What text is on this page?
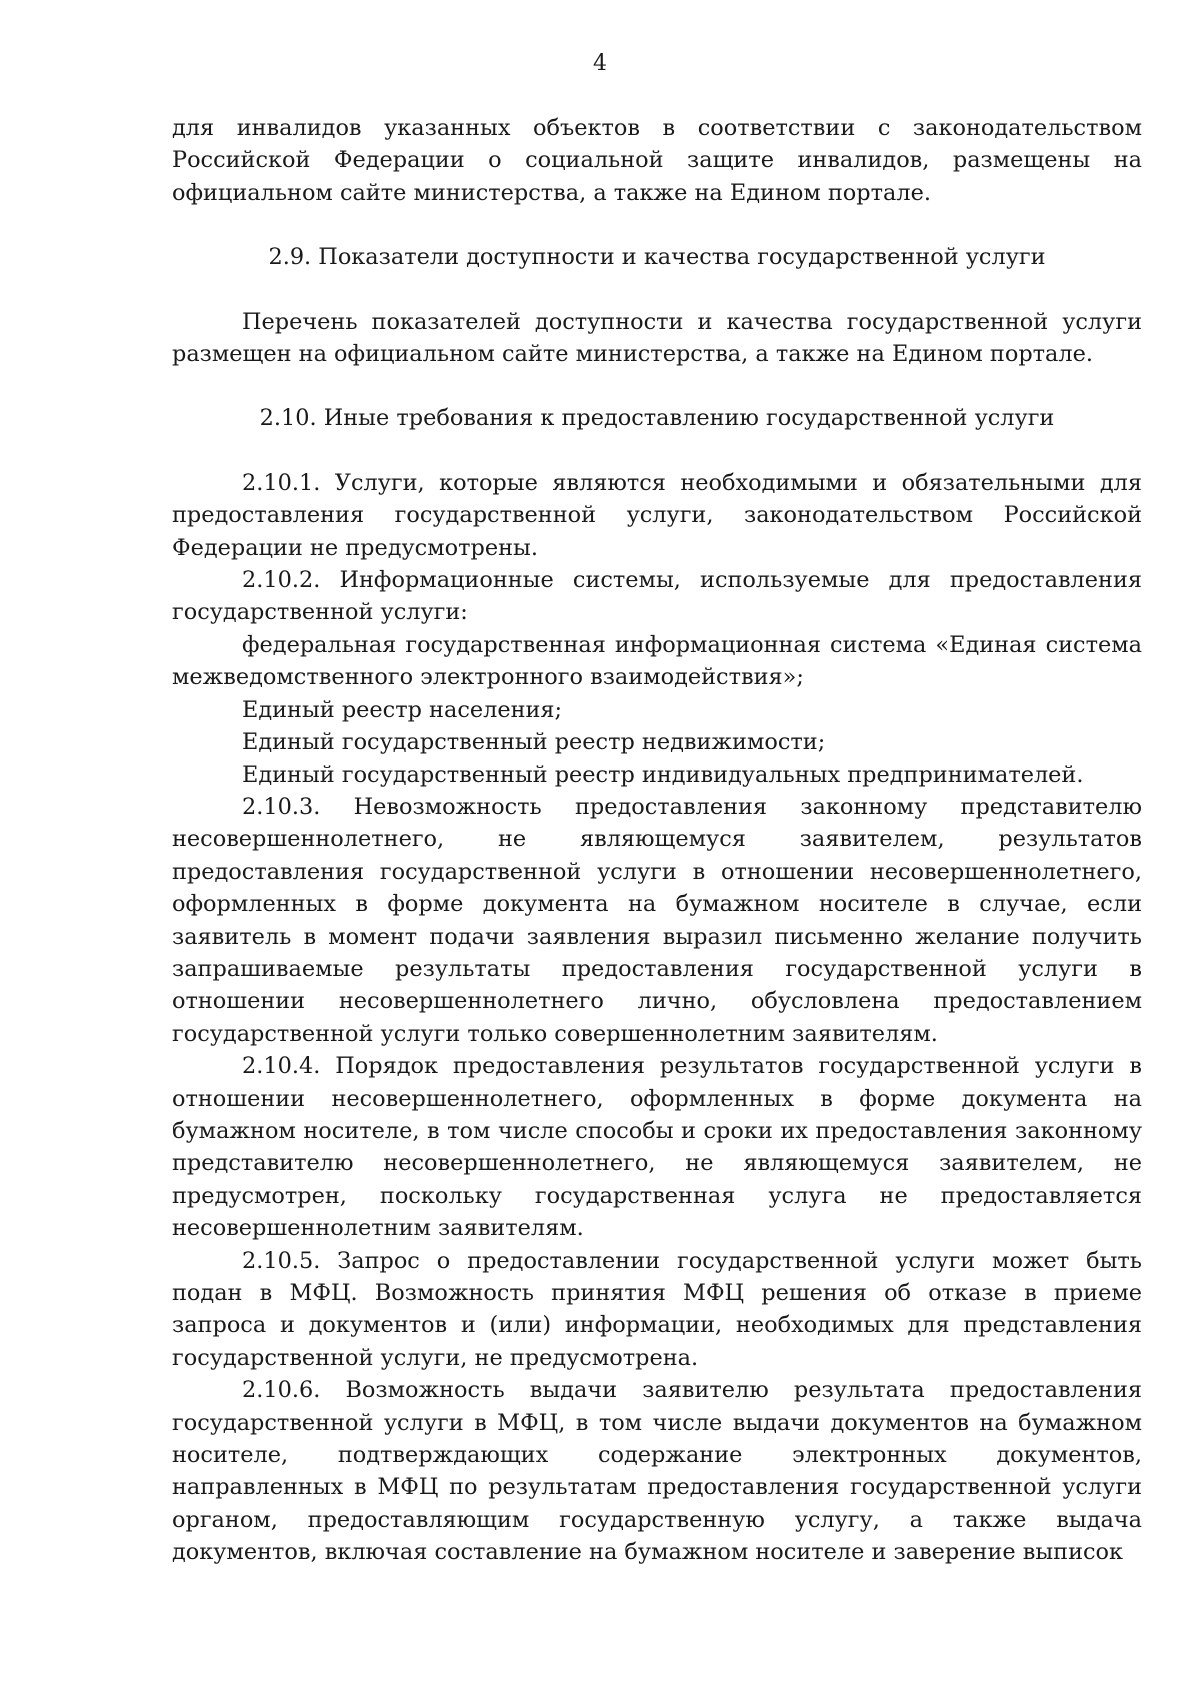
4

для инвалидов указанных объектов в соответствии с законодательством Российской Федерации о социальной защите инвалидов, размещены на официальном сайте министерства, а также на Едином портале.

2.9. Показатели доступности и качества государственной услуги

Перечень показателей доступности и качества государственной услуги размещен на официальном сайте министерства, а также на Едином портале.

2.10. Иные требования к предоставлению государственной услуги

2.10.1. Услуги, которые являются необходимыми и обязательными для предоставления государственной услуги, законодательством Российской Федерации не предусмотрены.

2.10.2. Информационные системы, используемые для предоставления государственной услуги:

федеральная государственная информационная система «Единая система межведомственного электронного взаимодействия»;

Единый реестр населения;

Единый государственный реестр недвижимости;

Единый государственный реестр индивидуальных предпринимателей.

2.10.3. Невозможность предоставления законному представителю несовершеннолетнего, не являющемуся заявителем, результатов предоставления государственной услуги в отношении несовершеннолетнего, оформленных в форме документа на бумажном носителе в случае, если заявитель в момент подачи заявления выразил письменно желание получить запрашиваемые результаты предоставления государственной услуги в отношении несовершеннолетнего лично, обусловлена предоставлением государственной услуги только совершеннолетним заявителям.

2.10.4. Порядок предоставления результатов государственной услуги в отношении несовершеннолетнего, оформленных в форме документа на бумажном носителе, в том числе способы и сроки их предоставления законному представителю несовершеннолетнего, не являющемуся заявителем, не предусмотрен, поскольку государственная услуга не предоставляется несовершеннолетним заявителям.

2.10.5. Запрос о предоставлении государственной услуги может быть подан в МФЦ. Возможность принятия МФЦ решения об отказе в приеме запроса и документов и (или) информации, необходимых для представления государственной услуги, не предусмотрена.

2.10.6. Возможность выдачи заявителю результата предоставления государственной услуги в МФЦ, в том числе выдачи документов на бумажном носителе, подтверждающих содержание электронных документов, направленных в МФЦ по результатам предоставления государственной услуги органом, предоставляющим государственную услугу, а также выдача документов, включая составление на бумажном носителе и заверение выписок
